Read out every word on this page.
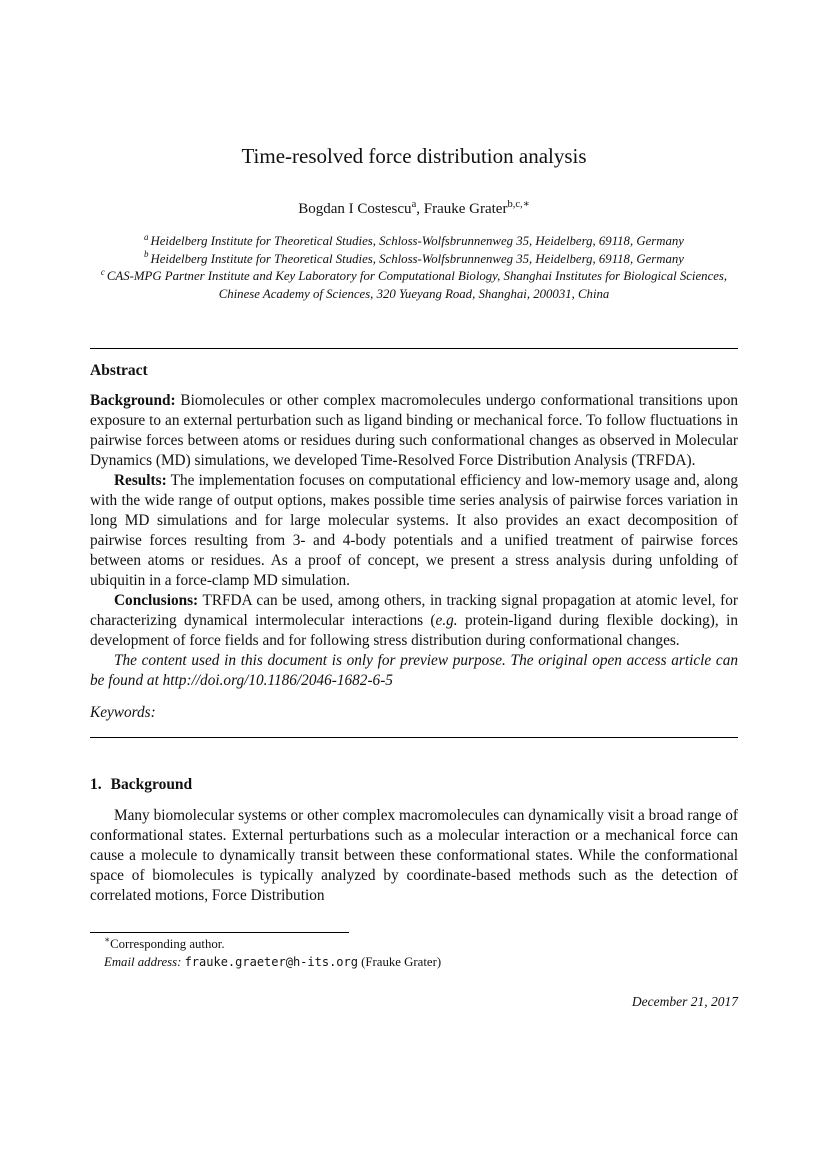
Time-resolved force distribution analysis
Bogdan I Costescu$^a$, Frauke Grater$^{b,c,∗}$
$^a$ Heidelberg Institute for Theoretical Studies, Schloss-Wolfsbrunnenweg 35, Heidelberg, 69118, Germany
$^b$ Heidelberg Institute for Theoretical Studies, Schloss-Wolfsbrunnenweg 35, Heidelberg, 69118, Germany
$^c$ CAS-MPG Partner Institute and Key Laboratory for Computational Biology, Shanghai Institutes for Biological Sciences, Chinese Academy of Sciences, 320 Yueyang Road, Shanghai, 200031, China
Abstract

Background: Biomolecules or other complex macromolecules undergo conformational transitions upon exposure to an external perturbation such as ligand binding or mechanical force. To follow fluctuations in pairwise forces between atoms or residues during such conformational changes as observed in Molecular Dynamics (MD) simulations, we developed Time-Resolved Force Distribution Analysis (TRFDA).

Results: The implementation focuses on computational efficiency and low-memory usage and, along with the wide range of output options, makes possible time series analysis of pairwise forces variation in long MD simulations and for large molecular systems. It also provides an exact decomposition of pairwise forces resulting from 3- and 4-body potentials and a unified treatment of pairwise forces between atoms or residues. As a proof of concept, we present a stress analysis during unfolding of ubiquitin in a force-clamp MD simulation.

Conclusions: TRFDA can be used, among others, in tracking signal propagation at atomic level, for characterizing dynamical intermolecular interactions (e.g. protein-ligand during flexible docking), in development of force fields and for following stress distribution during conformational changes.

The content used in this document is only for preview purpose. The original open access article can be found at http://doi.org/10.1186/2046-1682-6-5

Keywords:
1. Background

Many biomolecular systems or other complex macromolecules can dynamically visit a broad range of conformational states. External perturbations such as a molecular interaction or a mechanical force can cause a molecule to dynamically transit between these conformational states. While the conformational space of biomolecules is typically analyzed by coordinate-based methods such as the detection of correlated motions, Force Distribution

∗Corresponding author.
Email address: frauke.graeter@h-its.org (Frauke Grater)
December 21, 2017
